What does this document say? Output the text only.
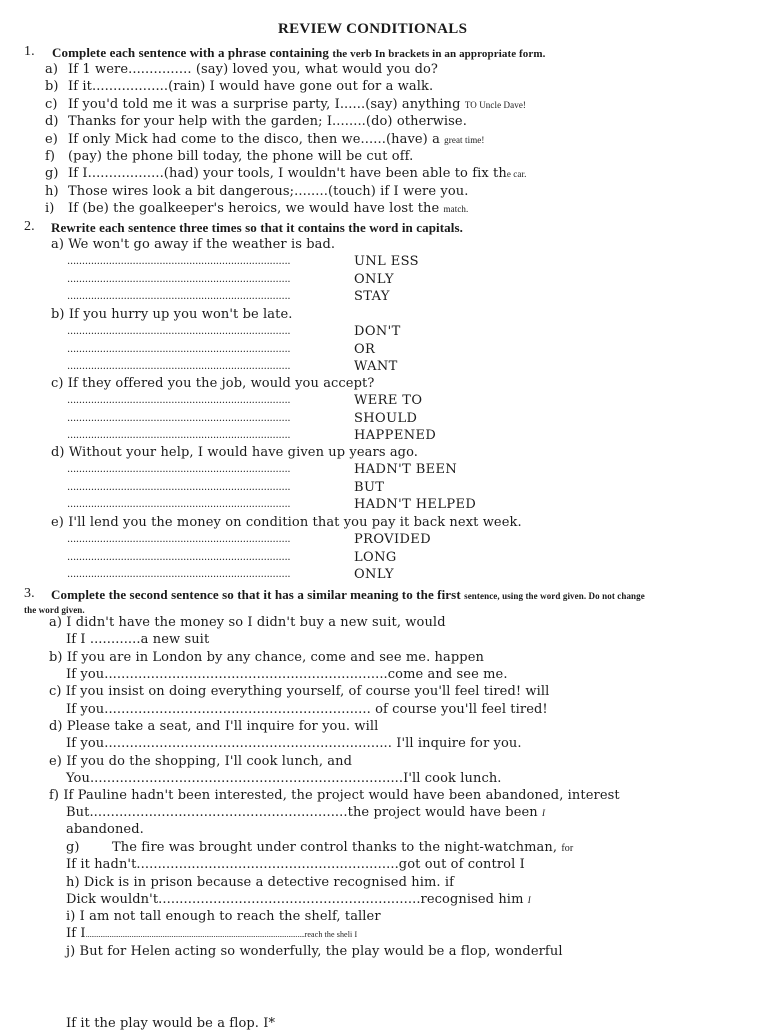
REVIEW CONDITIONALS
1. Complete each sentence with a phrase containing the verb In brackets in an appropriate form.
a) If 1 were............... (say) loved you, what would you do?
b) If it..................(rain) I would have gone out for a walk.
c) If you'd told me it was a surprise party, I......(say) anything TO Uncle Dave!
d) Thanks for your help with the garden; I........(do) otherwise.
e) If only Mick had come to the disco, then we......(have) a great time!
f) (pay) the phone bill today, the phone will be cut off.
g) If I..................(had) your tools, I wouldn't have been able to fix the car.
h) Those wires look a bit dangerous;........(touch) if I were you.
i) If (be) the goalkeeper's heroics, we would have lost the match.
2. Rewrite each sentence three times so that it contains the word in capitals.
a) We won't go away if the weather is bad.
...........................................................................	UNL ESS
...........................................................................	ONLY
...........................................................................	STAY
b) If you hurry up you won't be late.
...........................................................................	DON'T
...........................................................................	OR
...........................................................................	WANT
c) If they offered you the job, would you accept?
...........................................................................	WERE TO
...........................................................................	SHOULD
...........................................................................	HAPPENED
d) Without your help, I would have given up years ago.
...........................................................................	HADN'T BEEN
...........................................................................	BUT
...........................................................................	HADN'T HELPED
e) I'll lend you the money on condition that you pay it back next week.
...........................................................................	PROVIDED
...........................................................................	LONG
...........................................................................	ONLY
3. Complete the second sentence so that it has a similar meaning to the first sentence, using the word given. Do not change
the word given.
a) I didn't have the money so I didn't buy a new suit, would
If I ............a new suit
b) If you are in London by any chance, come and see me. happen
If you...................................................................come and see me.
c) If you insist on doing everything yourself, of course you'll feel tired! will
If you............................................................... of course you'll feel tired!
d) Please take a seat, and I'll inquire for you. will
If you.................................................................... I'll inquire for you.
e) If you do the shopping, I'll cook lunch, and
You..........................................................................I'll cook lunch.
f) If Pauline hadn't been interested, the project would have been abandoned, interest
But.............................................................the project would have been I
abandoned.
g) The fire was brought under control thanks to the night-watchman, for
If it hadn't..............................................................got out of control I
h) Dick is in prison because a detective recognised him. if
Dick wouldn't..............................................................recognised him I
i) I am not tall enough to reach the shelf, taller
If I........................................................................................................................reach the sheli I
j) But for Helen acting so wonderfully, the play would be a flop, wonderful
If it the play would be a flop. I*
